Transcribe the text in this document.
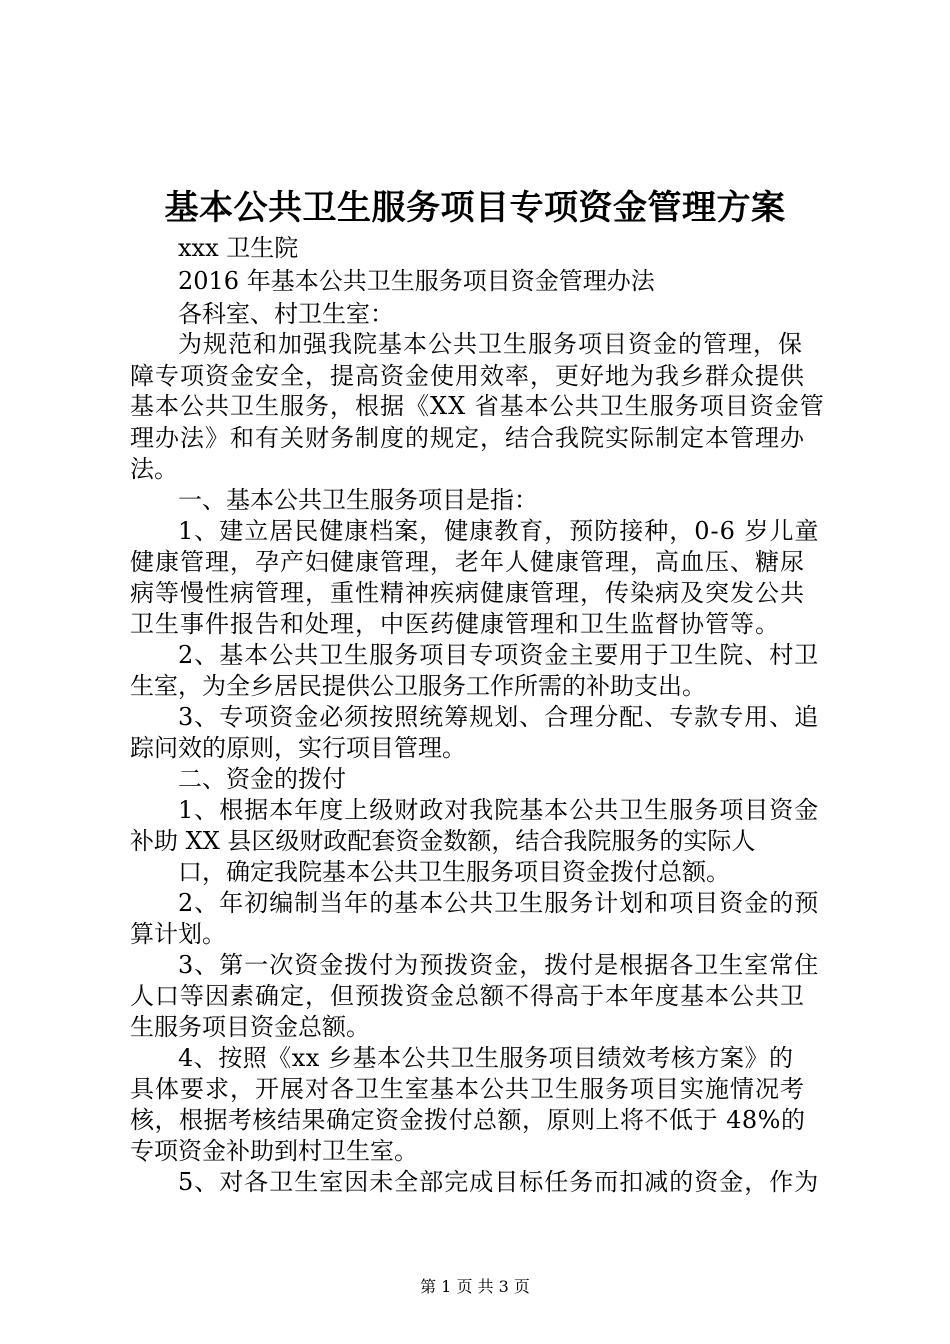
基本公共卫生服务项目专项资金管理方案
xxx 卫生院
2016 年基本公共卫生服务项目资金管理办法
各科室、村卫生室：
为规范和加强我院基本公共卫生服务项目资金的管理，保
障专项资金安全，提高资金使用效率，更好地为我乡群众提供
基本公共卫生服务，根据《XX 省基本公共卫生服务项目资金管
理办法》和有关财务制度的规定，结合我院实际制定本管理办
法。
一、基本公共卫生服务项目是指：
1、建立居民健康档案，健康教育，预防接种，0-6 岁儿童
健康管理，孕产妇健康管理，老年人健康管理，高血压、糖尿
病等慢性病管理，重性精神疾病健康管理，传染病及突发公共
卫生事件报告和处理，中医药健康管理和卫生监督协管等。
2、基本公共卫生服务项目专项资金主要用于卫生院、村卫
生室，为全乡居民提供公卫服务工作所需的补助支出。
3、专项资金必须按照统筹规划、合理分配、专款专用、追
踪问效的原则，实行项目管理。
二、资金的拨付
1、根据本年度上级财政对我院基本公共卫生服务项目资金
补助 XX 县区级财政配套资金数额，结合我院服务的实际人
口，确定我院基本公共卫生服务项目资金拨付总额。
2、年初编制当年的基本公共卫生服务计划和项目资金的预
算计划。
3、第一次资金拨付为预拨资金，拨付是根据各卫生室常住
人口等因素确定，但预拨资金总额不得高于本年度基本公共卫
生服务项目资金总额。
4、按照《xx 乡基本公共卫生服务项目绩效考核方案》的
具体要求，开展对各卫生室基本公共卫生服务项目实施情况考
核，根据考核结果确定资金拨付总额，原则上将不低于 48%的
专项资金补助到村卫生室。
5、对各卫生室因未全部完成目标任务而扣减的资金，作为
第 1 页 共 3 页
